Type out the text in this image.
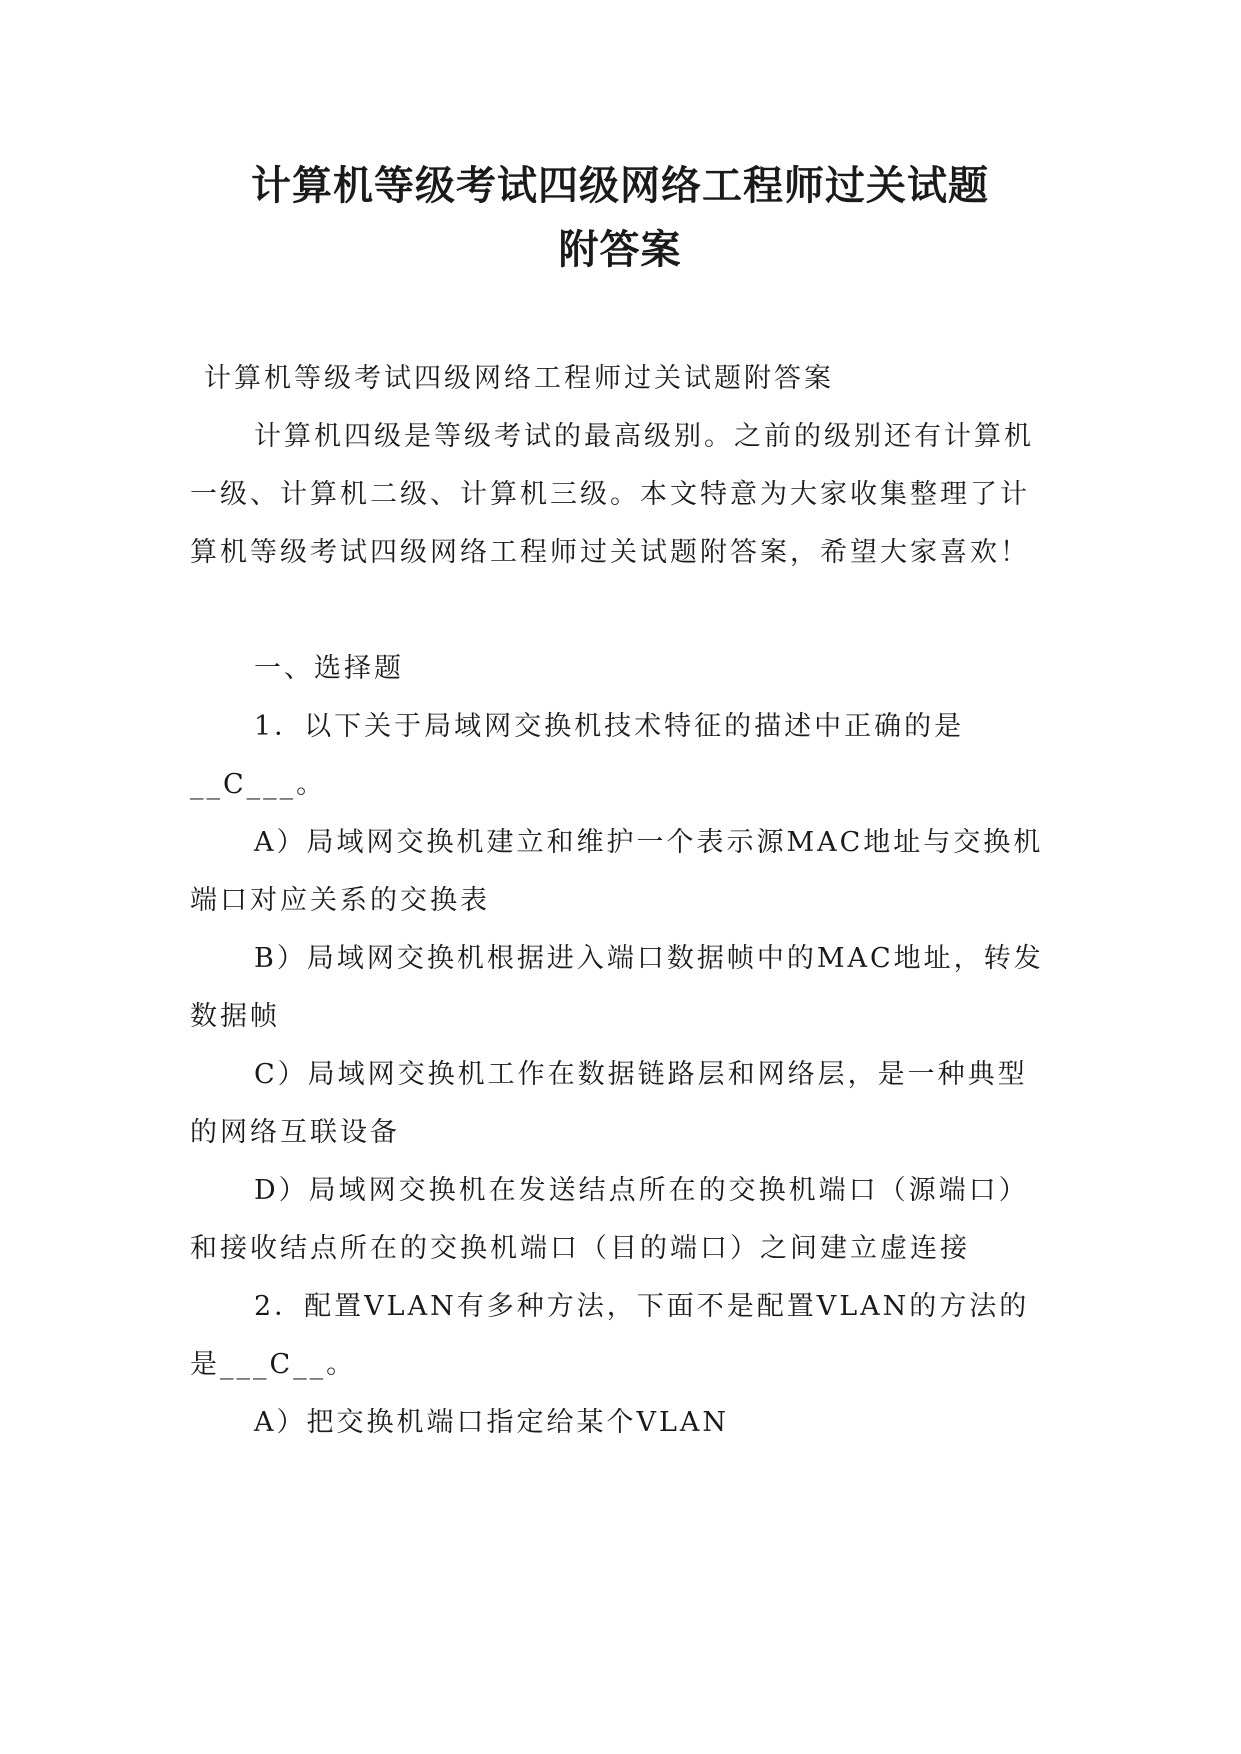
计算机等级考试四级网络工程师过关试题
附答案

计算机等级考试四级网络工程师过关试题附答案

计算机四级是等级考试的最高级别。之前的级别还有计算机一级、计算机二级、计算机三级。本文特意为大家收集整理了计算机等级考试四级网络工程师过关试题附答案，希望大家喜欢！

一、选择题

1．以下关于局域网交换机技术特征的描述中正确的是__C___。

A）局域网交换机建立和维护一个表示源MAC地址与交换机端口对应关系的交换表

B）局域网交换机根据进入端口数据帧中的MAC地址，转发数据帧

C）局域网交换机工作在数据链路层和网络层，是一种典型的网络互联设备

D）局域网交换机在发送结点所在的交换机端口（源端口）和接收结点所在的交换机端口（目的端口）之间建立虚连接

2．配置VLAN有多种方法，下面不是配置VLAN的方法的是___C__。

A）把交换机端口指定给某个VLAN
